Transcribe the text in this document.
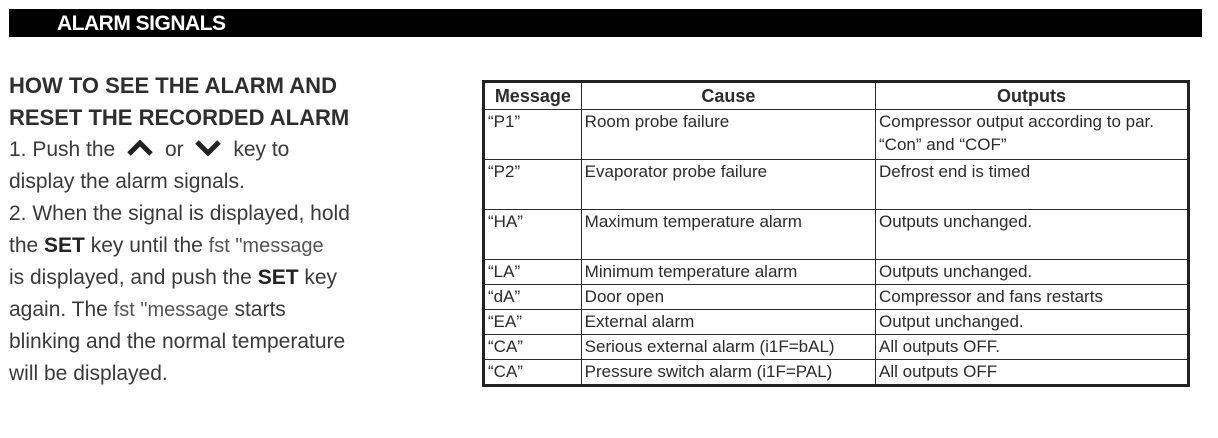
ALARM SIGNALS
HOW TO SEE THE ALARM AND
RESET THE RECORDED ALARM
1. Push the or key to
display the alarm signals.
2. When the signal is displayed, hold
the SET key until the fst "message
is displayed, and push the SET key
again. The fst "message starts
blinking and the normal temperature
will be displayed.
Message	Cause	Outputs
“P1”	Room probe failure	Compressor output according to par.
“Con” and “COF”

“P2”	Evaporator probe failure	Defrost end is timed
“HA”	Maximum temperature alarm	Outputs unchanged.
“LA”	Minimum temperature alarm	Outputs unchanged.
“dA”	Door open	Compressor and fans restarts
“EA”	External alarm	Output unchanged.
“CA”	Serious external alarm (i1F=bAL)	All outputs OFF.
“CA”	Pressure switch alarm (i1F=PAL)	All outputs OFF
